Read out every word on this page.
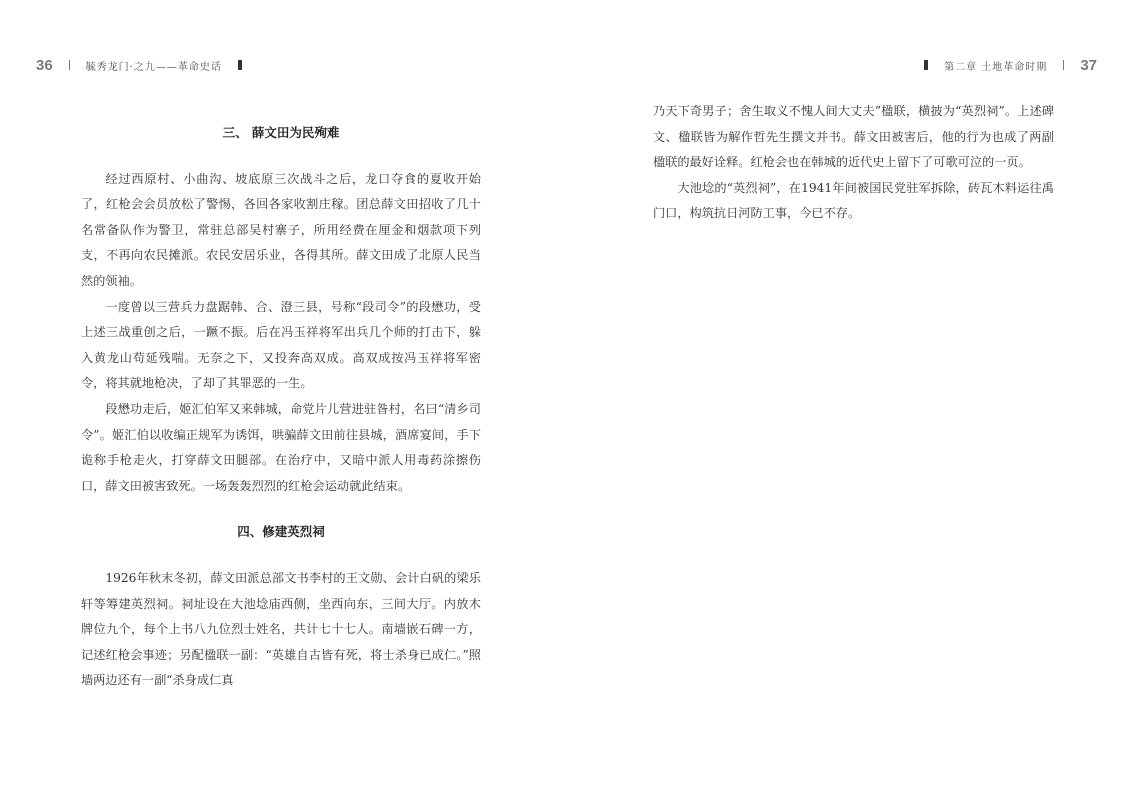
36	毓秀龙门·之九——革命史话
三、 薛文田为民殉难

经过西原村、小曲沟、坡底原三次战斗之后，龙口夺食的夏收开始了，红枪会会员放松了警惕，各回各家收割庄稼。团总薛文田招收了几十名常备队作为警卫，常驻总部吴村寨子，所用经费在厘金和烟款项下列支，不再向农民摊派。农民安居乐业，各得其所。薛文田成了北原人民当然的领袖。

一度曾以三营兵力盘踞韩、合、澄三县，号称“段司令”的段懋功，受上述三战重创之后，一蹶不振。后在冯玉祥将军出兵几个师的打击下，躲入黄龙山苟延残喘。无奈之下，又投奔高双成。高双成按冯玉祥将军密令，将其就地枪决，了却了其罪恶的一生。

段懋功走后，姬汇伯军又来韩城，命党片儿营进驻昝村，名曰“清乡司令”。姬汇伯以收编正规军为诱饵，哄骗薛文田前往县城，酒席宴间，手下诡称手枪走火，打穿薛文田腿部。在治疗中，又暗中派人用毒药涂擦伤口，薛文田被害致死。一场轰轰烈烈的红枪会运动就此结束。

四、修建英烈祠

1926年秋末冬初，薛文田派总部文书李村的王文勋、会计白矾的梁乐轩等筹建英烈祠。祠址设在大池埝庙西侧，坐西向东，三间大厅。内放木牌位九个，每个上书八九位烈士姓名，共计七十七人。南墙嵌石碑一方，记述红枪会事迹；另配楹联一副：“英雄自古皆有死，将士杀身已成仁。”照墙两边还有一副“杀身成仁真

第二章 土地革命时期 37

乃天下奇男子；舍生取义不愧人间大丈夫”楹联，横披为“英烈祠”。上述碑文、楹联皆为解作哲先生撰文并书。薛文田被害后，他的行为也成了两副楹联的最好诠释。红枪会也在韩城的近代史上留下了可歌可泣的一页。

大池埝的“英烈祠”，在1941年间被国民党驻军拆除，砖瓦木料运往禹门口，构筑抗日河防工事，今已不存。
